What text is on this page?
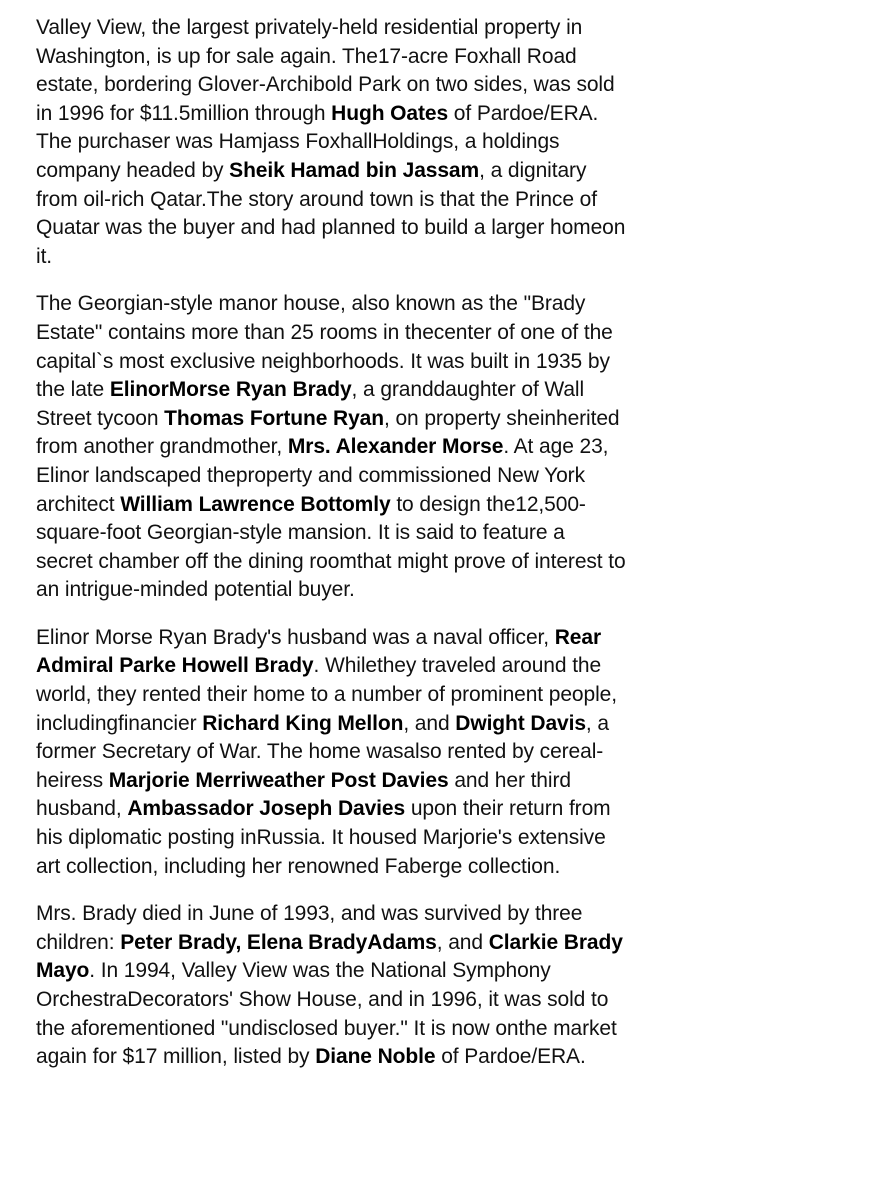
Valley View, the largest privately-held residential property in Washington, is up for sale again. The17-acre Foxhall Road estate, bordering Glover-Archibold Park on two sides, was sold in 1996 for $11.5million through Hugh Oates of Pardoe/ERA. The purchaser was Hamjass FoxhallHoldings, a holdings company headed by Sheik Hamad bin Jassam, a dignitary from oil-rich Qatar.The story around town is that the Prince of Quatar was the buyer and had planned to build a larger homeon it.

The Georgian-style manor house, also known as the "Brady Estate" contains more than 25 rooms in thecenter of one of the capital`s most exclusive neighborhoods. It was built in 1935 by the late ElinorMorse Ryan Brady, a granddaughter of Wall Street tycoon Thomas Fortune Ryan, on property sheinherited from another grandmother, Mrs. Alexander Morse. At age 23, Elinor landscaped theproperty and commissioned New York architect William Lawrence Bottomly to design the12,500-square-foot Georgian-style mansion. It is said to feature a secret chamber off the dining roomthat might prove of interest to an intrigue-minded potential buyer.

Elinor Morse Ryan Brady's husband was a naval officer, Rear Admiral Parke Howell Brady. Whilethey traveled around the world, they rented their home to a number of prominent people, includingfinancier Richard King Mellon, and Dwight Davis, a former Secretary of War. The home wasalso rented by cereal-heiress Marjorie Merriweather Post Davies and her third husband, Ambassador Joseph Davies upon their return from his diplomatic posting inRussia. It housed Marjorie's extensive art collection, including her renowned Faberge collection.

Mrs. Brady died in June of 1993, and was survived by three children: Peter Brady, Elena BradyAdams, and Clarkie Brady Mayo. In 1994, Valley View was the National Symphony OrchestraDecorators' Show House, and in 1996, it was sold to the aforementioned "undisclosed buyer." It is now onthe market again for $17 million, listed by Diane Noble of Pardoe/ERA.
